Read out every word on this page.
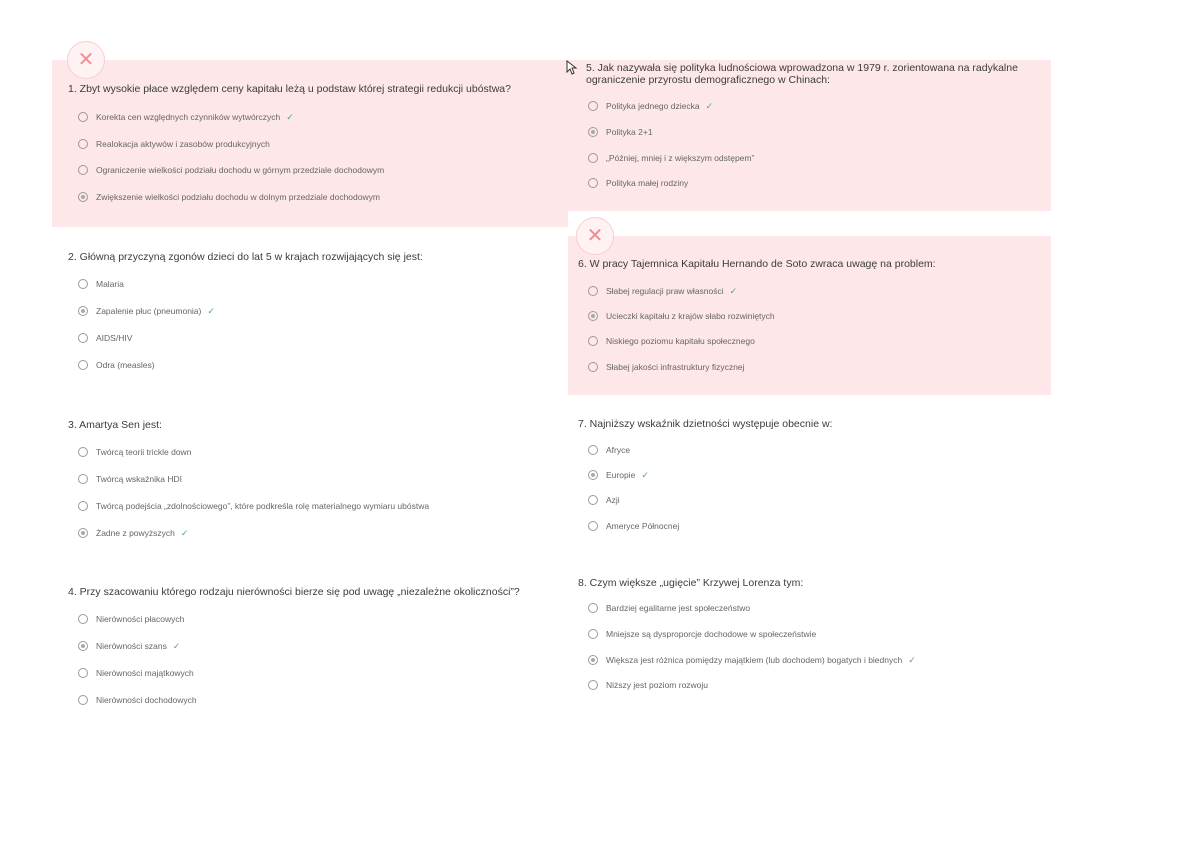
1. Zbyt wysokie płace względem ceny kapitału leżą u podstaw której strategii redukcji ubóstwa?
Korekta cen względnych czynników wytwórczych ✓
Realokacja aktywów i zasobów produkcyjnych
Ograniczenie wielkości podziału dochodu w górnym przedziale dochodowym
Zwiększenie wielkości podziału dochodu w dolnym przedziale dochodowym
✕
2. Główną przyczyną zgonów dzieci do lat 5 w krajach rozwijających się jest:
Malaria
Zapalenie płuc (pneumonia) ✓
AIDS/HIV
Odra (measles)
3. Amartya Sen jest:
Twórcą teorii trickle down
Twórcą wskaźnika HDI
Twórcą podejścia „zdolnościowego”, które podkreśla rolę materialnego wymiaru ubóstwa
Żadne z powyższych ✓
4. Przy szacowaniu którego rodzaju nierówności bierze się pod uwagę „niezależne okoliczności”?
Nierówności płacowych
Nierówności szans ✓
Nierówności majątkowych
Nierówności dochodowych
5. Jak nazywała się polityka ludnościowa wprowadzona w 1979 r. zorientowana na radykalne ograniczenie przyrostu demograficznego w Chinach:
Polityka jednego dziecka ✓
Polityka 2+1
„Później, mniej i z większym odstępem”
Polityka małej rodziny
6. W pracy Tajemnica Kapitału Hernando de Soto zwraca uwagę na problem:
Słabej regulacji praw własności ✓
Ucieczki kapitału z krajów słabo rozwiniętych
Niskiego poziomu kapitału społecznego
Słabej jakości infrastruktury fizycznej
✕
7. Najniższy wskaźnik dzietności występuje obecnie w:
Afryce
Europie ✓
Azji
Ameryce Północnej
8. Czym większe „ugięcie” Krzywej Lorenza tym:
Bardziej egalitarne jest społeczeństwo
Mniejsze są dysproporcje dochodowe w społeczeństwie
Większa jest różnica pomiędzy majątkiem (lub dochodem) bogatych i biednych ✓
Niższy jest poziom rozwoju
